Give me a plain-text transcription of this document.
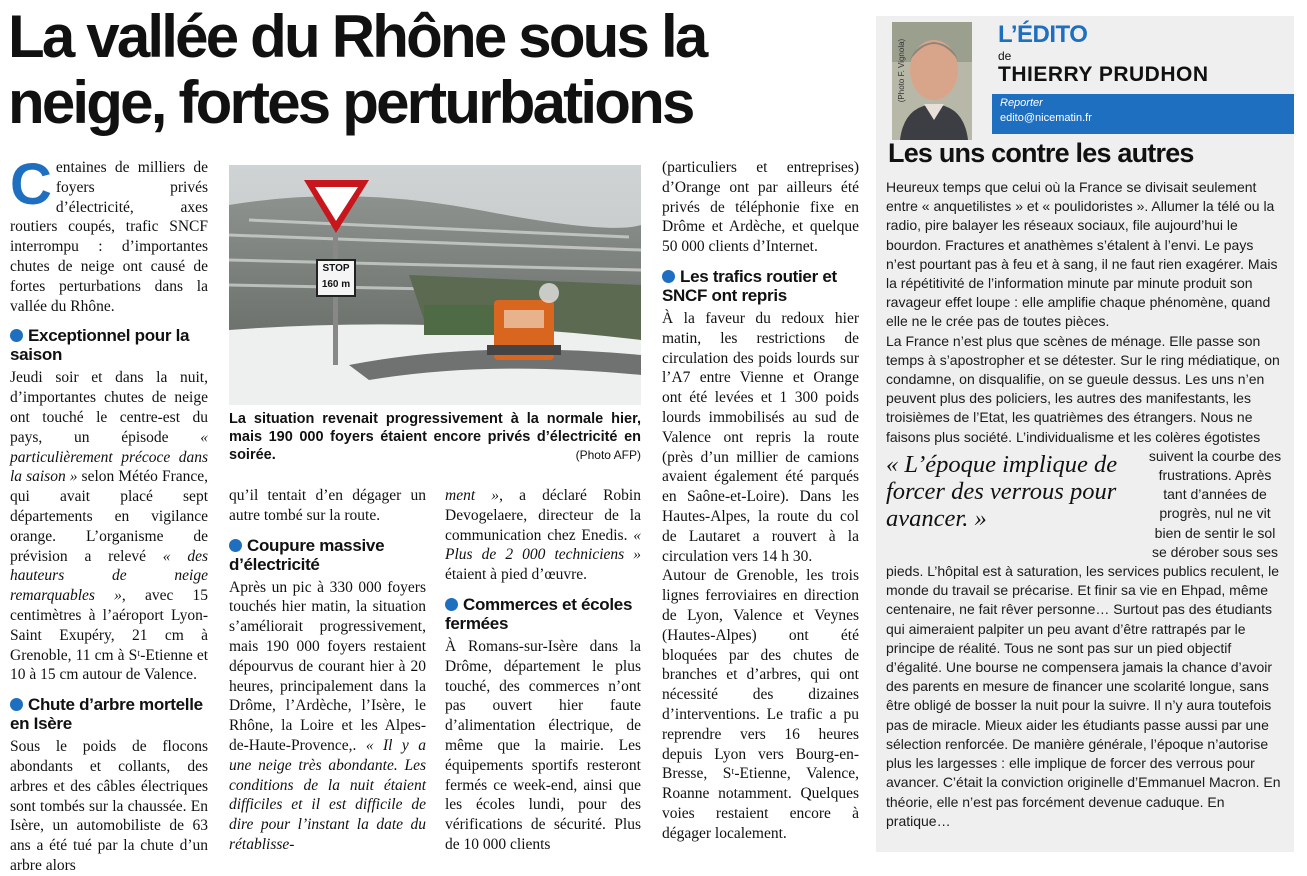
La vallée du Rhône sous la neige, fortes perturbations

Centaines de milliers de foyers privés d’électricité, axes routiers coupés, trafic SNCF interrompu : d’importantes chutes de neige ont causé de fortes perturbations dans la vallée du Rhône.

Exceptionnel pour la saison

Jeudi soir et dans la nuit, d’importantes chutes de neige ont touché le centre-est du pays, un épisode « particulièrement précoce dans la saison » selon Météo France, qui avait placé sept départements en vigilance orange. L’organisme de prévision a relevé « des hauteurs de neige remarquables », avec 15 centimètres à l’aéroport Lyon-Saint Exupéry, 21 cm à Grenoble, 11 cm à Sᵗ-Etienne et 10 à 15 cm autour de Valence.

Chute d’arbre mortelle en Isère

Sous le poids de flocons abondants et collants, des arbres et des câbles électriques sont tombés sur la chaussée. En Isère, un automobiliste de 63 ans a été tué par la chute d’un arbre alors

STOP
160 m
La situation revenait progressivement à la normale hier, mais 190 000 foyers étaient encore privés d’électricité en soirée.	(Photo AFP)

qu’il tentait d’en dégager un autre tombé sur la route.

Coupure massive d’électricité

Après un pic à 330 000 foyers touchés hier matin, la situation s’améliorait progressivement, mais 190 000 foyers restaient dépourvus de courant hier à 20 heures, principalement dans la Drôme, l’Ardèche, l’Isère, le Rhône, la Loire et les Alpes-de-Haute-Provence,. « Il y a une neige très abondante. Les conditions de la nuit étaient difficiles et il est difficile de dire pour l’instant la date du rétablisse-

ment », a déclaré Robin Devogelaere, directeur de la communication chez Enedis. « Plus de 2 000 techniciens » étaient à pied d’œuvre.

Commerces et écoles fermées

À Romans-sur-Isère dans la Drôme, département le plus touché, des commerces n’ont pas ouvert hier faute d’alimentation électrique, de même que la mairie. Les équipements sportifs resteront fermés ce week-end, ainsi que les écoles lundi, pour des vérifications de sécurité. Plus de 10 000 clients

(particuliers et entreprises) d’Orange ont par ailleurs été privés de téléphonie fixe en Drôme et Ardèche, et quelque 50 000 clients d’Internet.

Les trafics routier et SNCF ont repris

À la faveur du redoux hier matin, les restrictions de circulation des poids lourds sur l’A7 entre Vienne et Orange ont été levées et 1 300 poids lourds immobilisés au sud de Valence ont repris la route (près d’un millier de camions avaient également été parqués en Saône-et-Loire). Dans les Hautes-Alpes, la route du col de Lautaret a rouvert à la circulation vers 14 h 30.

Autour de Grenoble, les trois lignes ferroviaires en direction de Lyon, Valence et Veynes (Hautes-Alpes) ont été bloquées par des chutes de branches et d’arbres, qui ont nécessité des dizaines d’interventions. Le trafic a pu reprendre vers 16 heures depuis Lyon vers Bourg-en-Bresse, Sᵗ-Etienne, Valence, Roanne notamment. Quelques voies restaient encore à dégager localement.

(Photo F. Vignola)
L’ÉDITO
de
THIERRY PRUDHON
Reporter
edito@nicematin.fr
Les uns contre les autres

Heureux temps que celui où la France se divisait seulement entre « anquetilistes » et « poulidoristes ». Allumer la télé ou la radio, pire balayer les réseaux sociaux, file aujourd’hui le bourdon. Fractures et anathèmes s’étalent à l’envi. Le pays n’est pourtant pas à feu et à sang, il ne faut rien exagérer. Mais la répétitivité de l’information minute par minute produit son ravageur effet loupe : elle amplifie chaque phénomène, quand elle ne le crée pas de toutes pièces.

La France n’est plus que scènes de ménage. Elle passe son temps à s’apostropher et se détester. Sur le ring médiatique, on condamne, on disqualifie, on se gueule dessus. Les uns n’en peuvent plus des policiers, les autres des manifestants, les troisièmes de l’Etat, les quatrièmes des étrangers. Nous ne faisons plus société. L’individualisme et les colères égotistes

« L’époque implique de forcer des verrous pour avancer. »

suivent la courbe des frustrations. Après tant d’années de progrès, nul ne vit bien de sentir le sol se dérober sous ses

pieds. L’hôpital est à saturation, les services publics reculent, le monde du travail se précarise. Et finir sa vie en Ehpad, même centenaire, ne fait rêver personne… Surtout pas des étudiants qui aimeraient palpiter un peu avant d’être rattrapés par le principe de réalité. Tous ne sont pas sur un pied objectif d’égalité. Une bourse ne compensera jamais la chance d’avoir des parents en mesure de financer une scolarité longue, sans être obligé de bosser la nuit pour la suivre. Il n’y aura toutefois pas de miracle. Mieux aider les étudiants passe aussi par une sélection renforcée. De manière générale, l’époque n’autorise plus les largesses : elle implique de forcer des verrous pour avancer. C’était la conviction originelle d’Emmanuel Macron. En théorie, elle n’est pas forcément devenue caduque. En pratique…
